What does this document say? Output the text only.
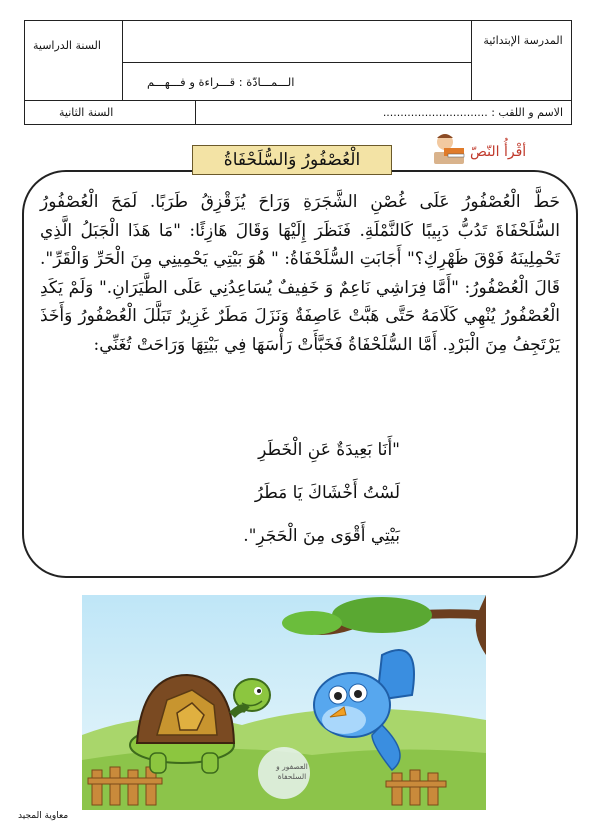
المدرسة الإبتدائية
السنة الدراسية
الـــمـــادّة : قـــراءة و فـــهـــم
الاسم و اللقب : ..............................
السنة الثانية
أقْرأُ النّصّ
الْعُصْفُورُ وَالسُّلَحْفَاةُ
حَطَّ الْعُصْفُورُ عَلَى غُصْنِ الشَّجَرَةِ وَرَاحَ يُزَقْزِقُ طَرَبًا. لَمَحَ الْعُصْفُورُ السُّلَحْفَاةَ تَدُبُّ دَبِيبًا كَالنَّمْلَةِ. فَنَظَرَ إِلَيْهَا وَقَالَ هَازِئًا: "مَا هَذَا الْجَبَلُ الَّذِي تَحْمِلِينَهُ فَوْقَ ظَهْرِكِ؟" أَجَابَتِ السُّلَحْفَاةُ: " هُوَ بَيْتِي يَحْمِينِي مِنَ الْحَرِّ وَالْقَرِّ". قَالَ الْعُصْفُورُ: "أَمَّا فِرَاشِي نَاعِمٌ وَ خَفِيفٌ يُسَاعِدُنِي عَلَى الطَّيَرَانِ." وَلَمْ يَكَدِ الْعُصْفُورُ يُنْهِي كَلَامَهُ حَتَّى هَبَّتْ عَاصِفَةٌ وَنَزَلَ مَطَرٌ غَزِيرٌ تَبَلَّلَ الْعُصْفُورُ وَأَخَذَ يَرْتَجِفُ مِنَ الْبَرْدِ. أَمَّا السُّلَحْفَاةُ فَخَبَّأَتْ رَأْسَهَا فِي بَيْتِهَا وَرَاحَتْ تُغَنِّي:
"أَنَا بَعِيدَةٌ عَنِ الْخَطَرِ
لَسْتُ أَخْشَاكَ يَا مَطَرُ
بَيْتِي أَقْوَى مِنَ الْحَجَرِ".
العصفور و السلحفاة
معاوية المجيد
